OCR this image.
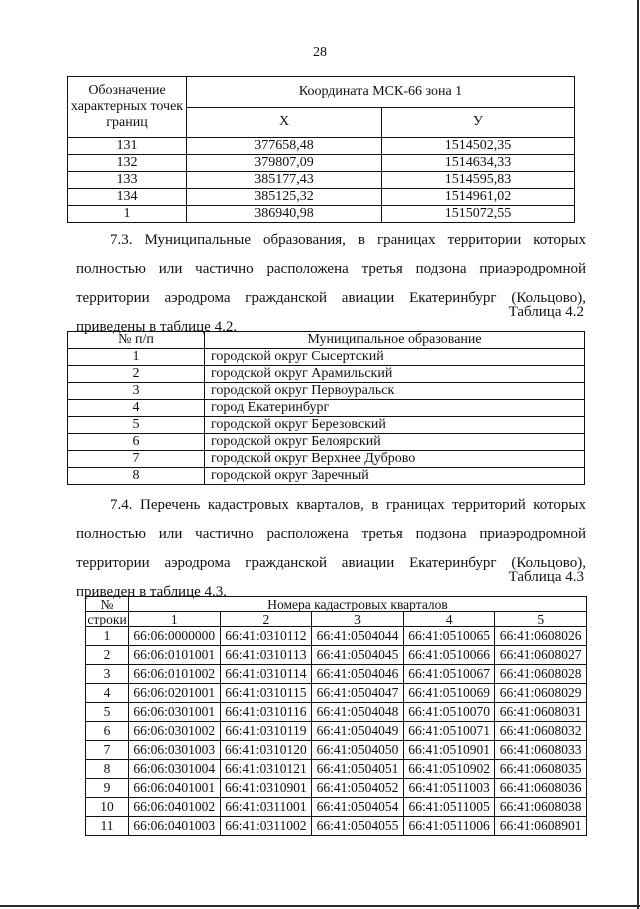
28
Обозначение характерных точек границ	Координата МСК-66 зона 1	
	X	У
131	377658,48	1514502,35
132	379807,09	1514634,33
133	385177,43	1514595,83
134	385125,32	1514961,02
1	386940,98	1515072,55
7.3. Муниципальные образования, в границах территории которых полностью или частично расположена третья подзона приаэродромной территории аэродрома гражданской авиации Екатеринбург (Кольцово), приведены в таблице 4.2.
Таблица 4.2
№ п/п	Муниципальное образование
1	городской округ Сысертский
2	городской округ Арамильский
3	городской округ Первоуральск
4	город Екатеринбург
5	городской округ Березовский
6	городской округ Белоярский
7	городской округ Верхнее Дуброво
8	городской округ Заречный
7.4. Перечень кадастровых кварталов, в границах территорий которых полностью или частично расположена третья подзона приаэродромной территории аэродрома гражданской авиации Екатеринбург (Кольцово), приведен в таблице 4.3.
Таблица 4.3
№	Номера кадастровых кварталов				
строки	1	2	3	4	5
1	66:06:0000000	66:41:0310112	66:41:0504044	66:41:0510065	66:41:0608026
2	66:06:0101001	66:41:0310113	66:41:0504045	66:41:0510066	66:41:0608027
3	66:06:0101002	66:41:0310114	66:41:0504046	66:41:0510067	66:41:0608028
4	66:06:0201001	66:41:0310115	66:41:0504047	66:41:0510069	66:41:0608029
5	66:06:0301001	66:41:0310116	66:41:0504048	66:41:0510070	66:41:0608031
6	66:06:0301002	66:41:0310119	66:41:0504049	66:41:0510071	66:41:0608032
7	66:06:0301003	66:41:0310120	66:41:0504050	66:41:0510901	66:41:0608033
8	66:06:0301004	66:41:0310121	66:41:0504051	66:41:0510902	66:41:0608035
9	66:06:0401001	66:41:0310901	66:41:0504052	66:41:0511003	66:41:0608036
10	66:06:0401002	66:41:0311001	66:41:0504054	66:41:0511005	66:41:0608038
11	66:06:0401003	66:41:0311002	66:41:0504055	66:41:0511006	66:41:0608901
